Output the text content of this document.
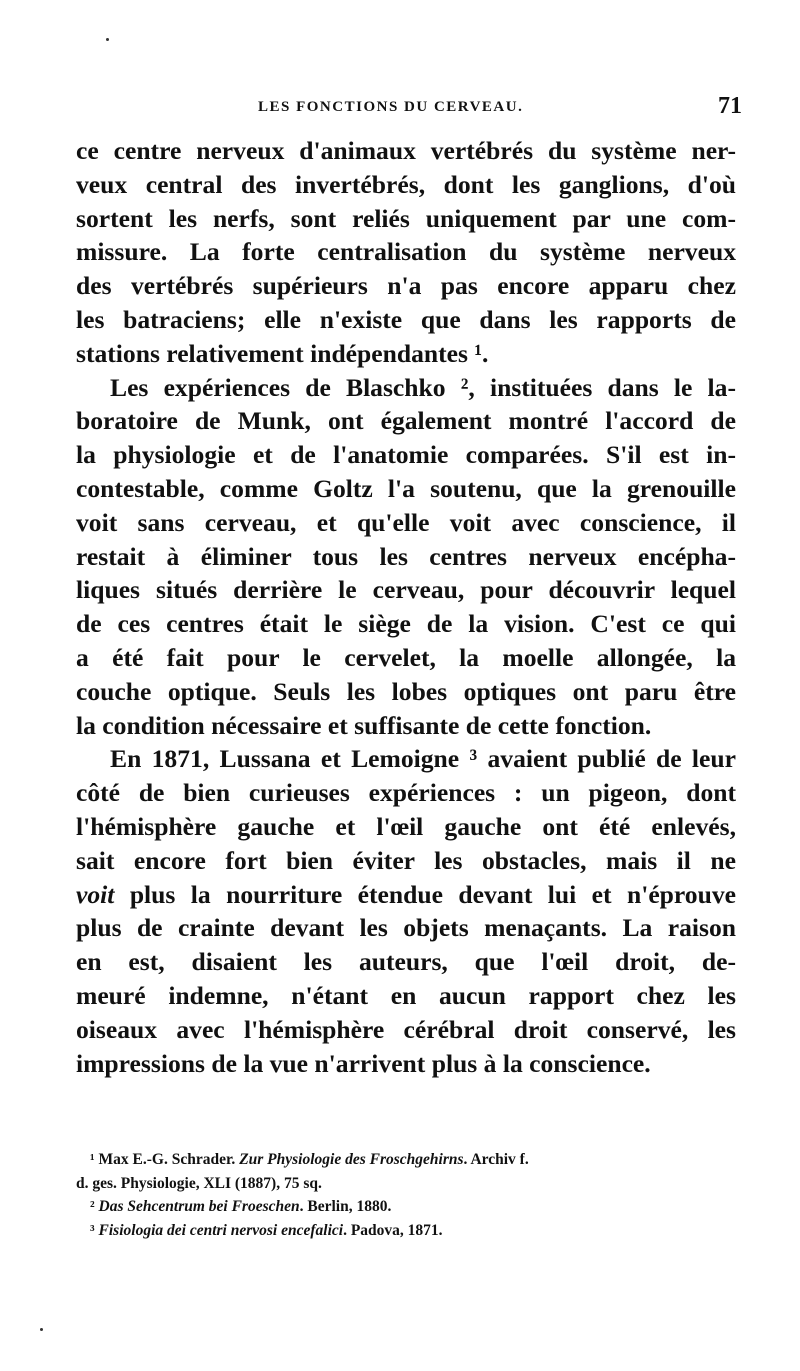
LES FONCTIONS DU CERVEAU.	71

ce centre nerveux d'animaux vertébrés du système ner-
veux central des invertébrés, dont les ganglions, d'où
sortent les nerfs, sont reliés uniquement par une com-
missure. La forte centralisation du système nerveux
des vertébrés supérieurs n'a pas encore apparu chez
les batraciens; elle n'existe que dans les rapports de
stations relativement indépendantes ¹.

Les expériences de Blaschko ², instituées dans le la-
boratoire de Munk, ont également montré l'accord de
la physiologie et de l'anatomie comparées. S'il est in-
contestable, comme Goltz l'a soutenu, que la grenouille
voit sans cerveau, et qu'elle voit avec conscience, il
restait à éliminer tous les centres nerveux encépha-
liques situés derrière le cerveau, pour découvrir lequel
de ces centres était le siège de la vision. C'est ce qui
a été fait pour le cervelet, la moelle allongée, la
couche optique. Seuls les lobes optiques ont paru être
la condition nécessaire et suffisante de cette fonction.

En 1871, Lussana et Lemoigne ³ avaient publié de leur
côté de bien curieuses expériences : un pigeon, dont
l'hémisphère gauche et l'œil gauche ont été enlevés,
sait encore fort bien éviter les obstacles, mais il ne
voit plus la nourriture étendue devant lui et n'éprouve
plus de crainte devant les objets menaçants. La raison
en est, disaient les auteurs, que l'œil droit, de-
meuré indemne, n'étant en aucun rapport chez les
oiseaux avec l'hémisphère cérébral droit conservé, les
impressions de la vue n'arrivent plus à la conscience.

¹ Max E.-G. Schrader. Zur Physiologie des Froschgehirns. Archiv f.
d. ges. Physiologie, XLI (1887), 75 sq.
² Das Sehcentrum bei Froeschen. Berlin, 1880.
³ Fisiologia dei centri nervosi encefalici. Padova, 1871.
